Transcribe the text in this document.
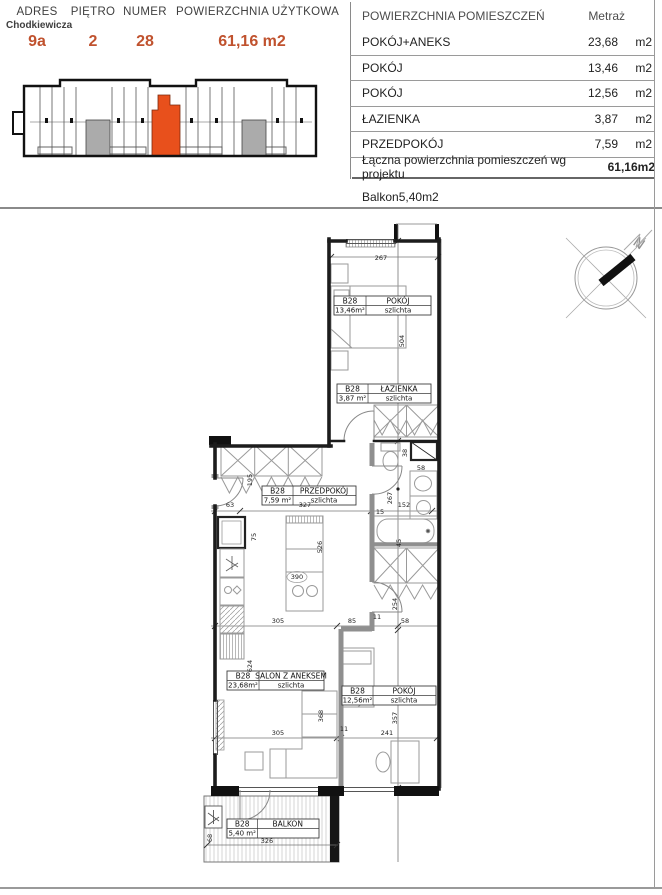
ADRES
Chodkiewicza
9a
PIĘTRO
2
NUMER
28
POWIERZCHNIA UŻYTKOWA
61,16 m2
POWIERZCHNIA POMIESZCZEŃ	Metraż
POKÓJ+ANEKS	23,68	m2
POKÓJ	13,46	m2
POKÓJ	12,56	m2
ŁAZIENKA	3,87	m2
PRZEDPOKÓJ	7,59	m2
Łączna powierzchnia pomieszczeń wg projektu	61,16 m2
Balkon 5,40 m2
N
B28	POKÓJ
13,46m²	szlichta
B28	ŁAZIENKA
3,87 m²	szlichta
B28 PRZEDPOKÓJ
7,59 m²	szlichta
B28 SALON Z ANEKSEM
23,68m²	szlichta
B28	POKÓJ
12,56m²	szlichta
B28	BALKON
5,40 m²
267
504
195
63	327	152
15
38
58
267
45
75
526
390
254
305	85	11	58
624
368	357
305	11	241
326
68
